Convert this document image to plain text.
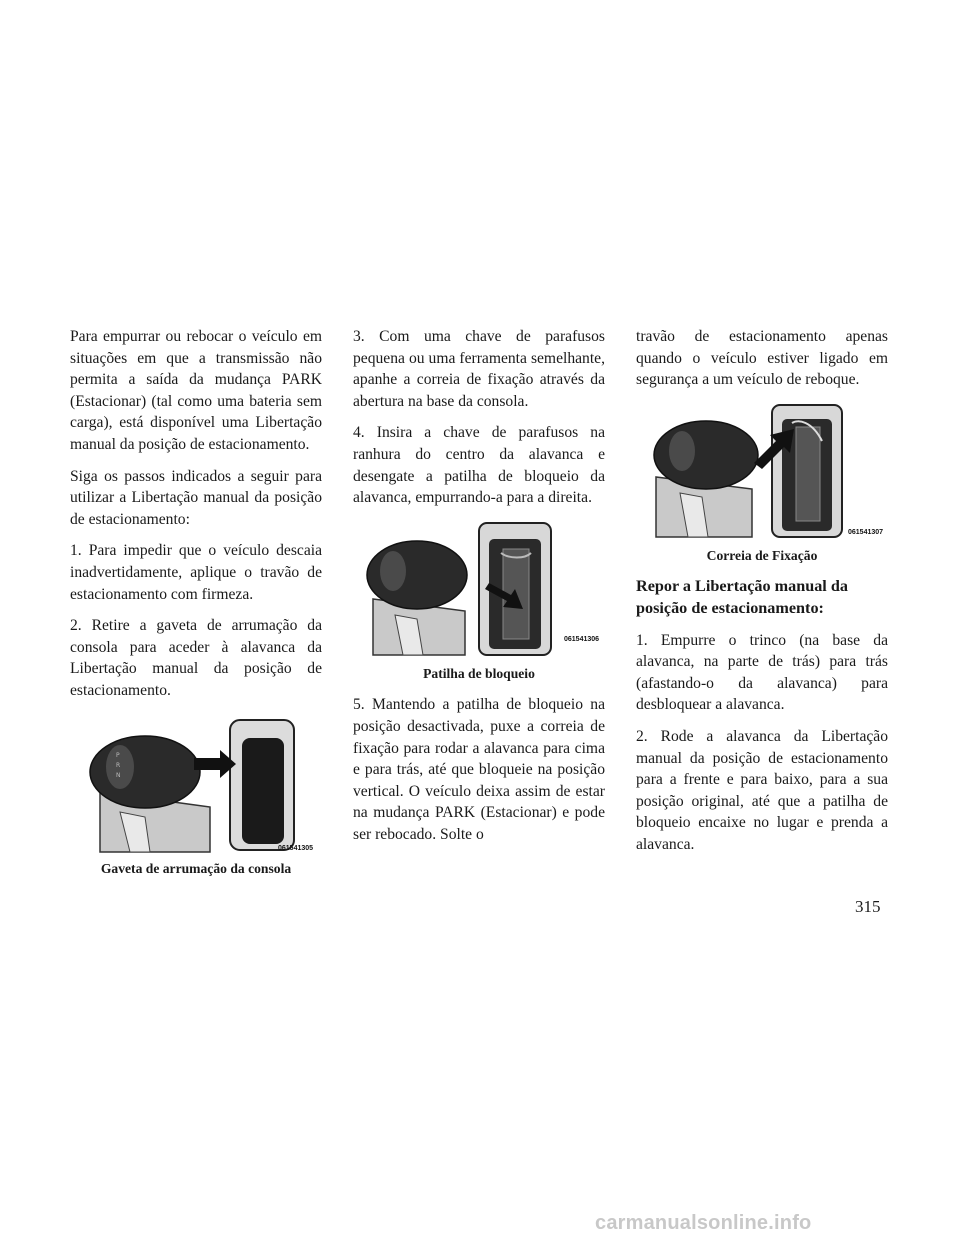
Para empurrar ou rebocar o veículo em situações em que a transmissão não permita a saída da mudança PARK (Estacionar) (tal como uma bateria sem carga), está disponível uma Libertação manual da posição de estacionamento.

Siga os passos indicados a seguir para utilizar a Libertação manual da posição de estacionamento:

1. Para impedir que o veículo descaia inadvertidamente, aplique o travão de estacionamento com firmeza.

2. Retire a gaveta de arrumação da consola para aceder à alavanca da Libertação manual da posição de estacionamento.

P
R
N
061541305
Gaveta de arrumação da consola

3. Com uma chave de parafusos pequena ou uma ferramenta semelhante, apanhe a correia de fixação através da abertura na base da consola.

4. Insira a chave de parafusos na ranhura do centro da alavanca e desengate a patilha de bloqueio da alavanca, empurrando-a para a direita.

061541306
Patilha de bloqueio

5. Mantendo a patilha de bloqueio na posição desactivada, puxe a correia de fixação para rodar a alavanca para cima e para trás, até que bloqueie na posição vertical. O veículo deixa assim de estar na mudança PARK (Estacionar) e pode ser rebocado. Solte o

travão de estacionamento apenas quando o veículo estiver ligado em segurança a um veículo de reboque.

061541307
Correia de Fixação
Repor a Libertação manual da posição de estacionamento:

1. Empurre o trinco (na base da alavanca, na parte de trás) para trás (afastando-o da alavanca) para desbloquear a alavanca.

2. Rode a alavanca da Libertação manual da posição de estacionamento para a frente e para baixo, para a sua posição original, até que a patilha de bloqueio encaixe no lugar e prenda a alavanca.

315
carmanualsonline.info
